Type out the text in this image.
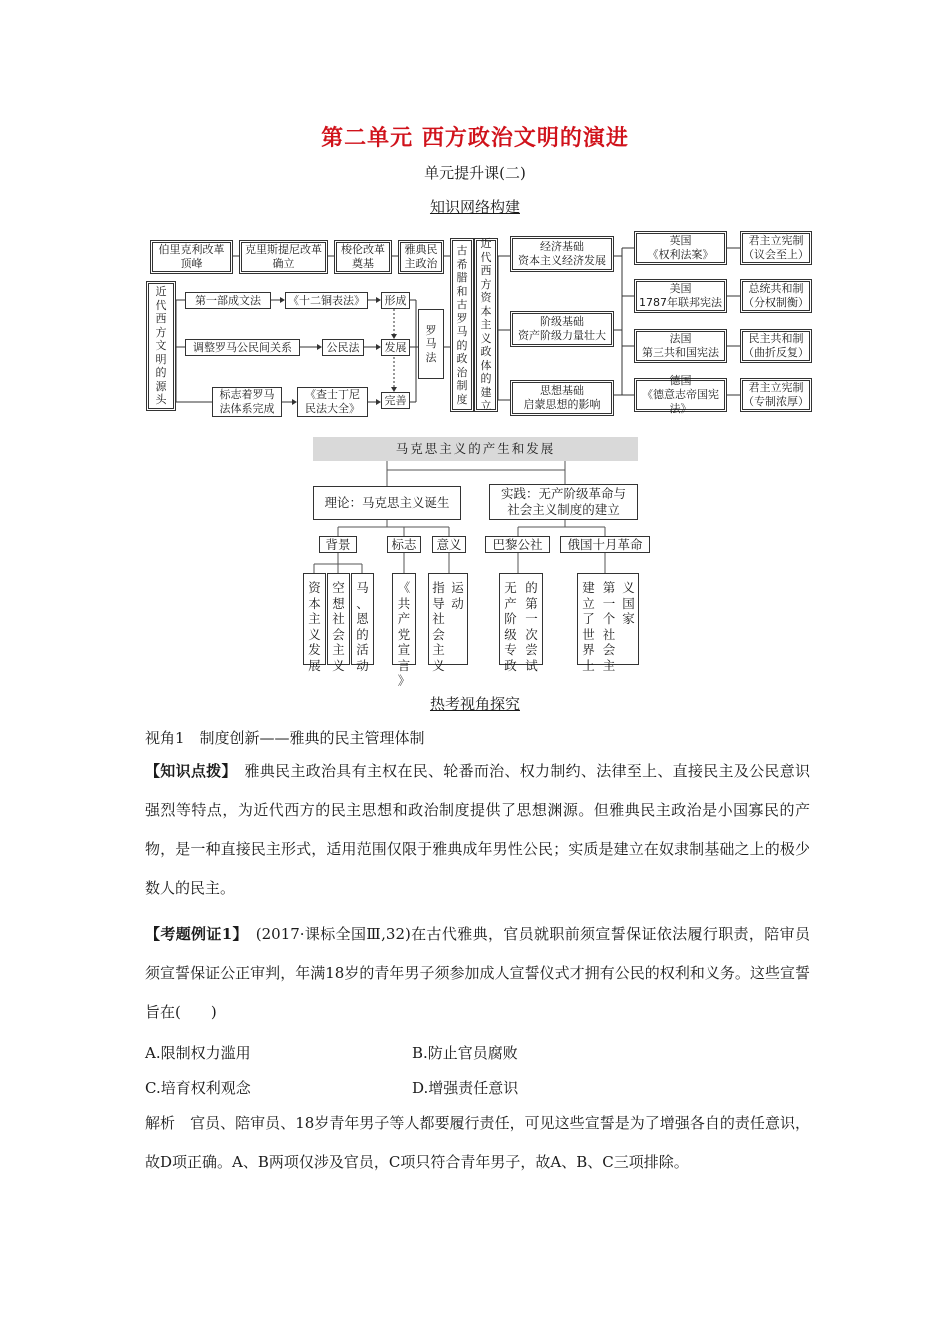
第二单元 西方政治文明的演进
单元提升课(二)
知识网络构建
伯里克利改革
顶峰
克里斯提尼改革
确立
梭伦改革
奠基
雅典民
主政治
近
代
西
方
文
明
的
源
头
第一部成文法	《十二铜表法》	形成
调整罗马公民间关系	公民法	发展
标志着罗马
法体系完成
《查士丁尼
民法大全》
完善
罗
马
法
古
希
腊
和
古
罗
马
的
政
治
制
度
近
代
西
方
资
本
主
义
政
体
的
建
立
经济基础
资本主义经济发展
阶级基础
资产阶级力量壮大
思想基础
启蒙思想的影响
英国
《权利法案》
美国
1787年联邦宪法
法国
第三共和国宪法
德国
《德意志帝国宪法》
君主立宪制
（议会至上）
总统共和制
（分权制衡）
民主共和制
（曲折反复）
君主立宪制
（专制浓厚）
马克思主义的产生和发展
理论：马克思主义诞生
实践：无产阶级革命与
社会主义制度的建立
背景	标志	意义	巴黎公社	俄国十月革命
资
本
主
义
发
展
空
想
社
会
主
义
马
、
恩
的
活
动
《
共
产
党
宣
言
》
指
导
社
会
主
义
运
动
无
产
阶
级
专
政
的
第
一
次
尝
试
建
立
了
世
界
上
第
一
个
社
会
主
义
国
家
热考视角探究
视角1　制度创新——雅典的民主管理体制
【知识点拨】　雅典民主政治具有主权在民、轮番而治、权力制约、法律至上、直接民主及公民意识强烈等特点，为近代西方的民主思想和政治制度提供了思想渊源。但雅典民主政治是小国寡民的产物，是一种直接民主形式，适用范围仅限于雅典成年男性公民；实质是建立在奴隶制基础之上的极少数人的民主。
【考题例证1】　(2017·课标全国Ⅲ,32)在古代雅典，官员就职前须宣誓保证依法履行职责，陪审员须宣誓保证公正审判，年满18岁的青年男子须参加成人宣誓仪式才拥有公民的权利和义务。这些宣誓旨在(　　)
A.限制权力滥用	B.防止官员腐败
C.培育权利观念	D.增强责任意识
解析　官员、陪审员、18岁青年男子等人都要履行责任，可见这些宣誓是为了增强各自的责任意识，故D项正确。A、B两项仅涉及官员，C项只符合青年男子，故A、B、C三项排除。
